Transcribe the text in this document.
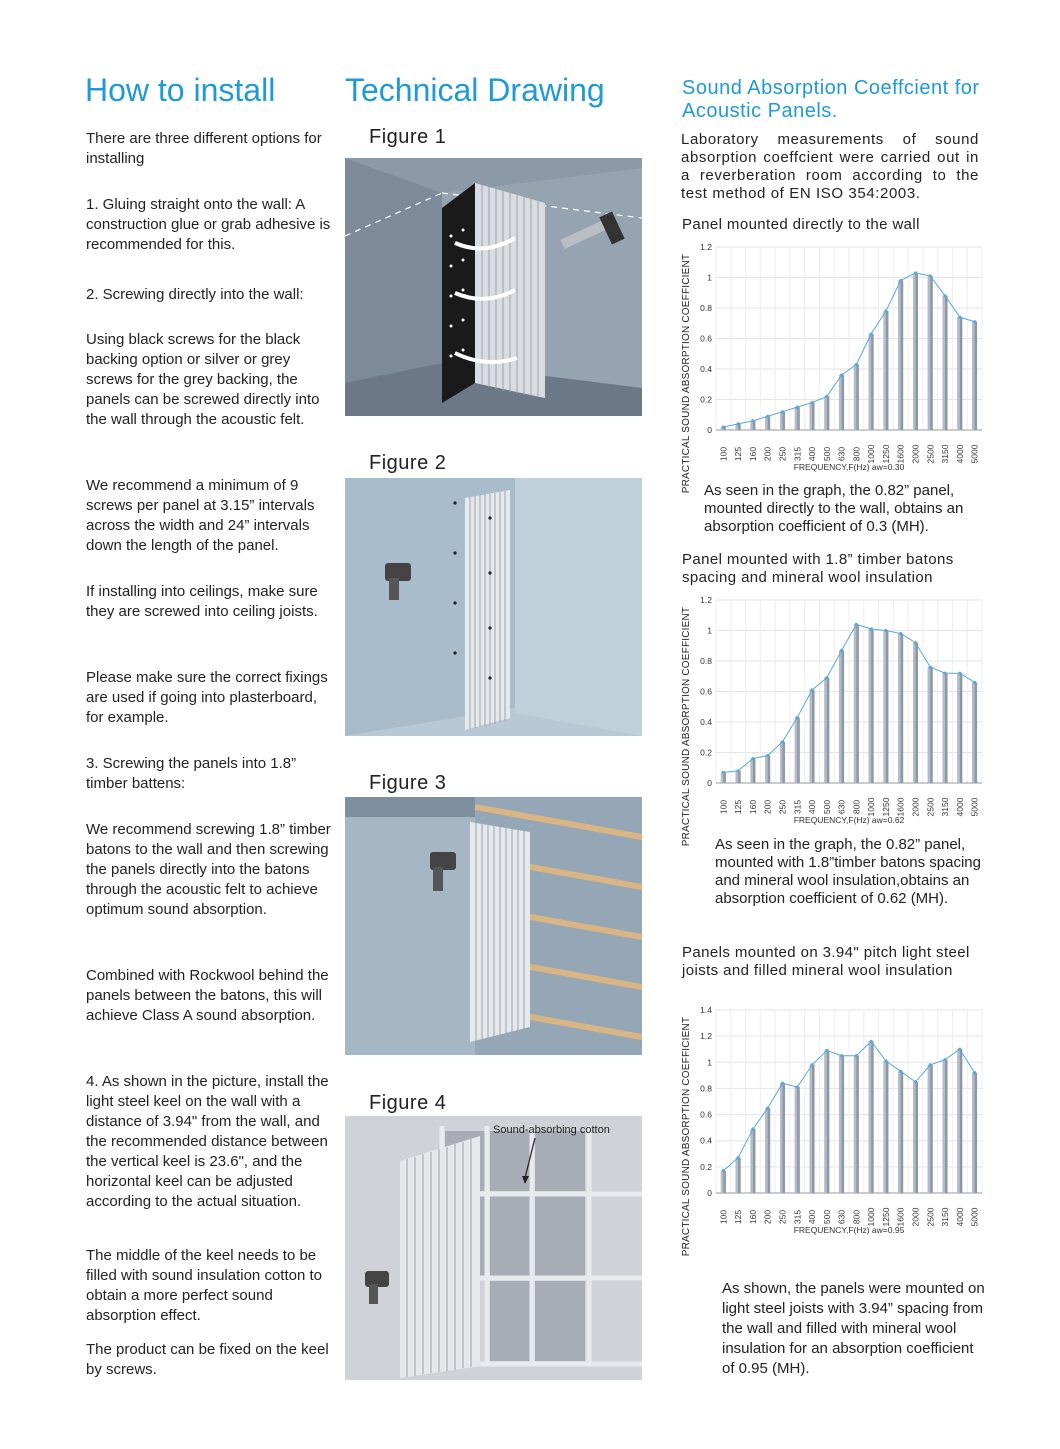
How to install

There are three different options for installing

1. Gluing straight onto the wall: A construction glue or grab adhesive is recommended for this.

2. Screwing directly into the wall:

Using black screws for the black backing option or silver or grey screws for the grey backing, the panels can be screwed directly into the wall through the acoustic felt.

We recommend a minimum of 9 screws per panel at 3.15” intervals across the width and 24” intervals down the length of the panel.

If installing into ceilings, make sure they are screwed into ceiling joists.

Please make sure the correct fixings are used if going into plasterboard, for example.

3. Screwing the panels into 1.8” timber battens:

We recommend screwing 1.8” timber batons to the wall and then screwing the panels directly into the batons through the acoustic felt to achieve optimum sound absorption.

Combined with Rockwool behind the panels between the batons, this will achieve Class A sound absorption.

4. As shown in the picture, install the light steel keel on the wall with a distance of 3.94" from the wall, and the recommended distance between the vertical keel is 23.6", and the horizontal keel can be adjusted according to the actual situation.

The middle of the keel needs to be filled with sound insulation cotton to obtain a more perfect sound absorption effect.

The product can be fixed on the keel by screws.

Technical Drawing
Figure 1
Figure 2
Figure 3
Figure 4
Sound-absorbing cotton
Sound Absorption Coeffcient for Acoustic Panels.

Laboratory measurements of sound absorption coeffcient were carried out in a reverberation room according to the test method of EN ISO 354:2003.

Panel mounted directly to the wall

PRACTICAL SOUND ABSORPTION COEFFICIENT 0
0.2
0.4
0.6
0.8
1
1.2
100 125 160 200 250 315 400 500 630 800 1000 1250 1600 2000 2500 3150 4000 5000
FREQUENCY,F(Hz) aw=0.30

As seen in the graph, the 0.82” panel, mounted directly to the wall, obtains an absorption coefficient of 0.3 (MH).

Panel mounted with 1.8” timber batons spacing and mineral wool insulation

PRACTICAL SOUND ABSORPTION COEFFICIENT 0
0.2
0.4
0.6
0.8
1
1.2
100 125 160 200 250 315 400 500 630 800 1000 1250 1600 2000 2500 3150 4000 5000
FREQUENCY,F(Hz) aw=0.62

As seen in the graph, the 0.82” panel, mounted with 1.8”timber batons spacing and mineral wool insulation,obtains an absorption coefficient of 0.62 (MH).

Panels mounted on 3.94" pitch light steel joists and filled mineral wool insulation

PRACTICAL SOUND ABSORPTION COEFFICIENT 0
0.2
0.4
0.6
0.8
1
1.2
1.4
100 125 160 200 250 315 400 500 630 800 1000 1250 1600 2000 2500 3150 4000 5000
FREQUENCY,F(Hz) aw=0.95

As shown, the panels were mounted on light steel joists with 3.94” spacing from the wall and filled with mineral wool insulation for an absorption coefficient of 0.95 (MH).
